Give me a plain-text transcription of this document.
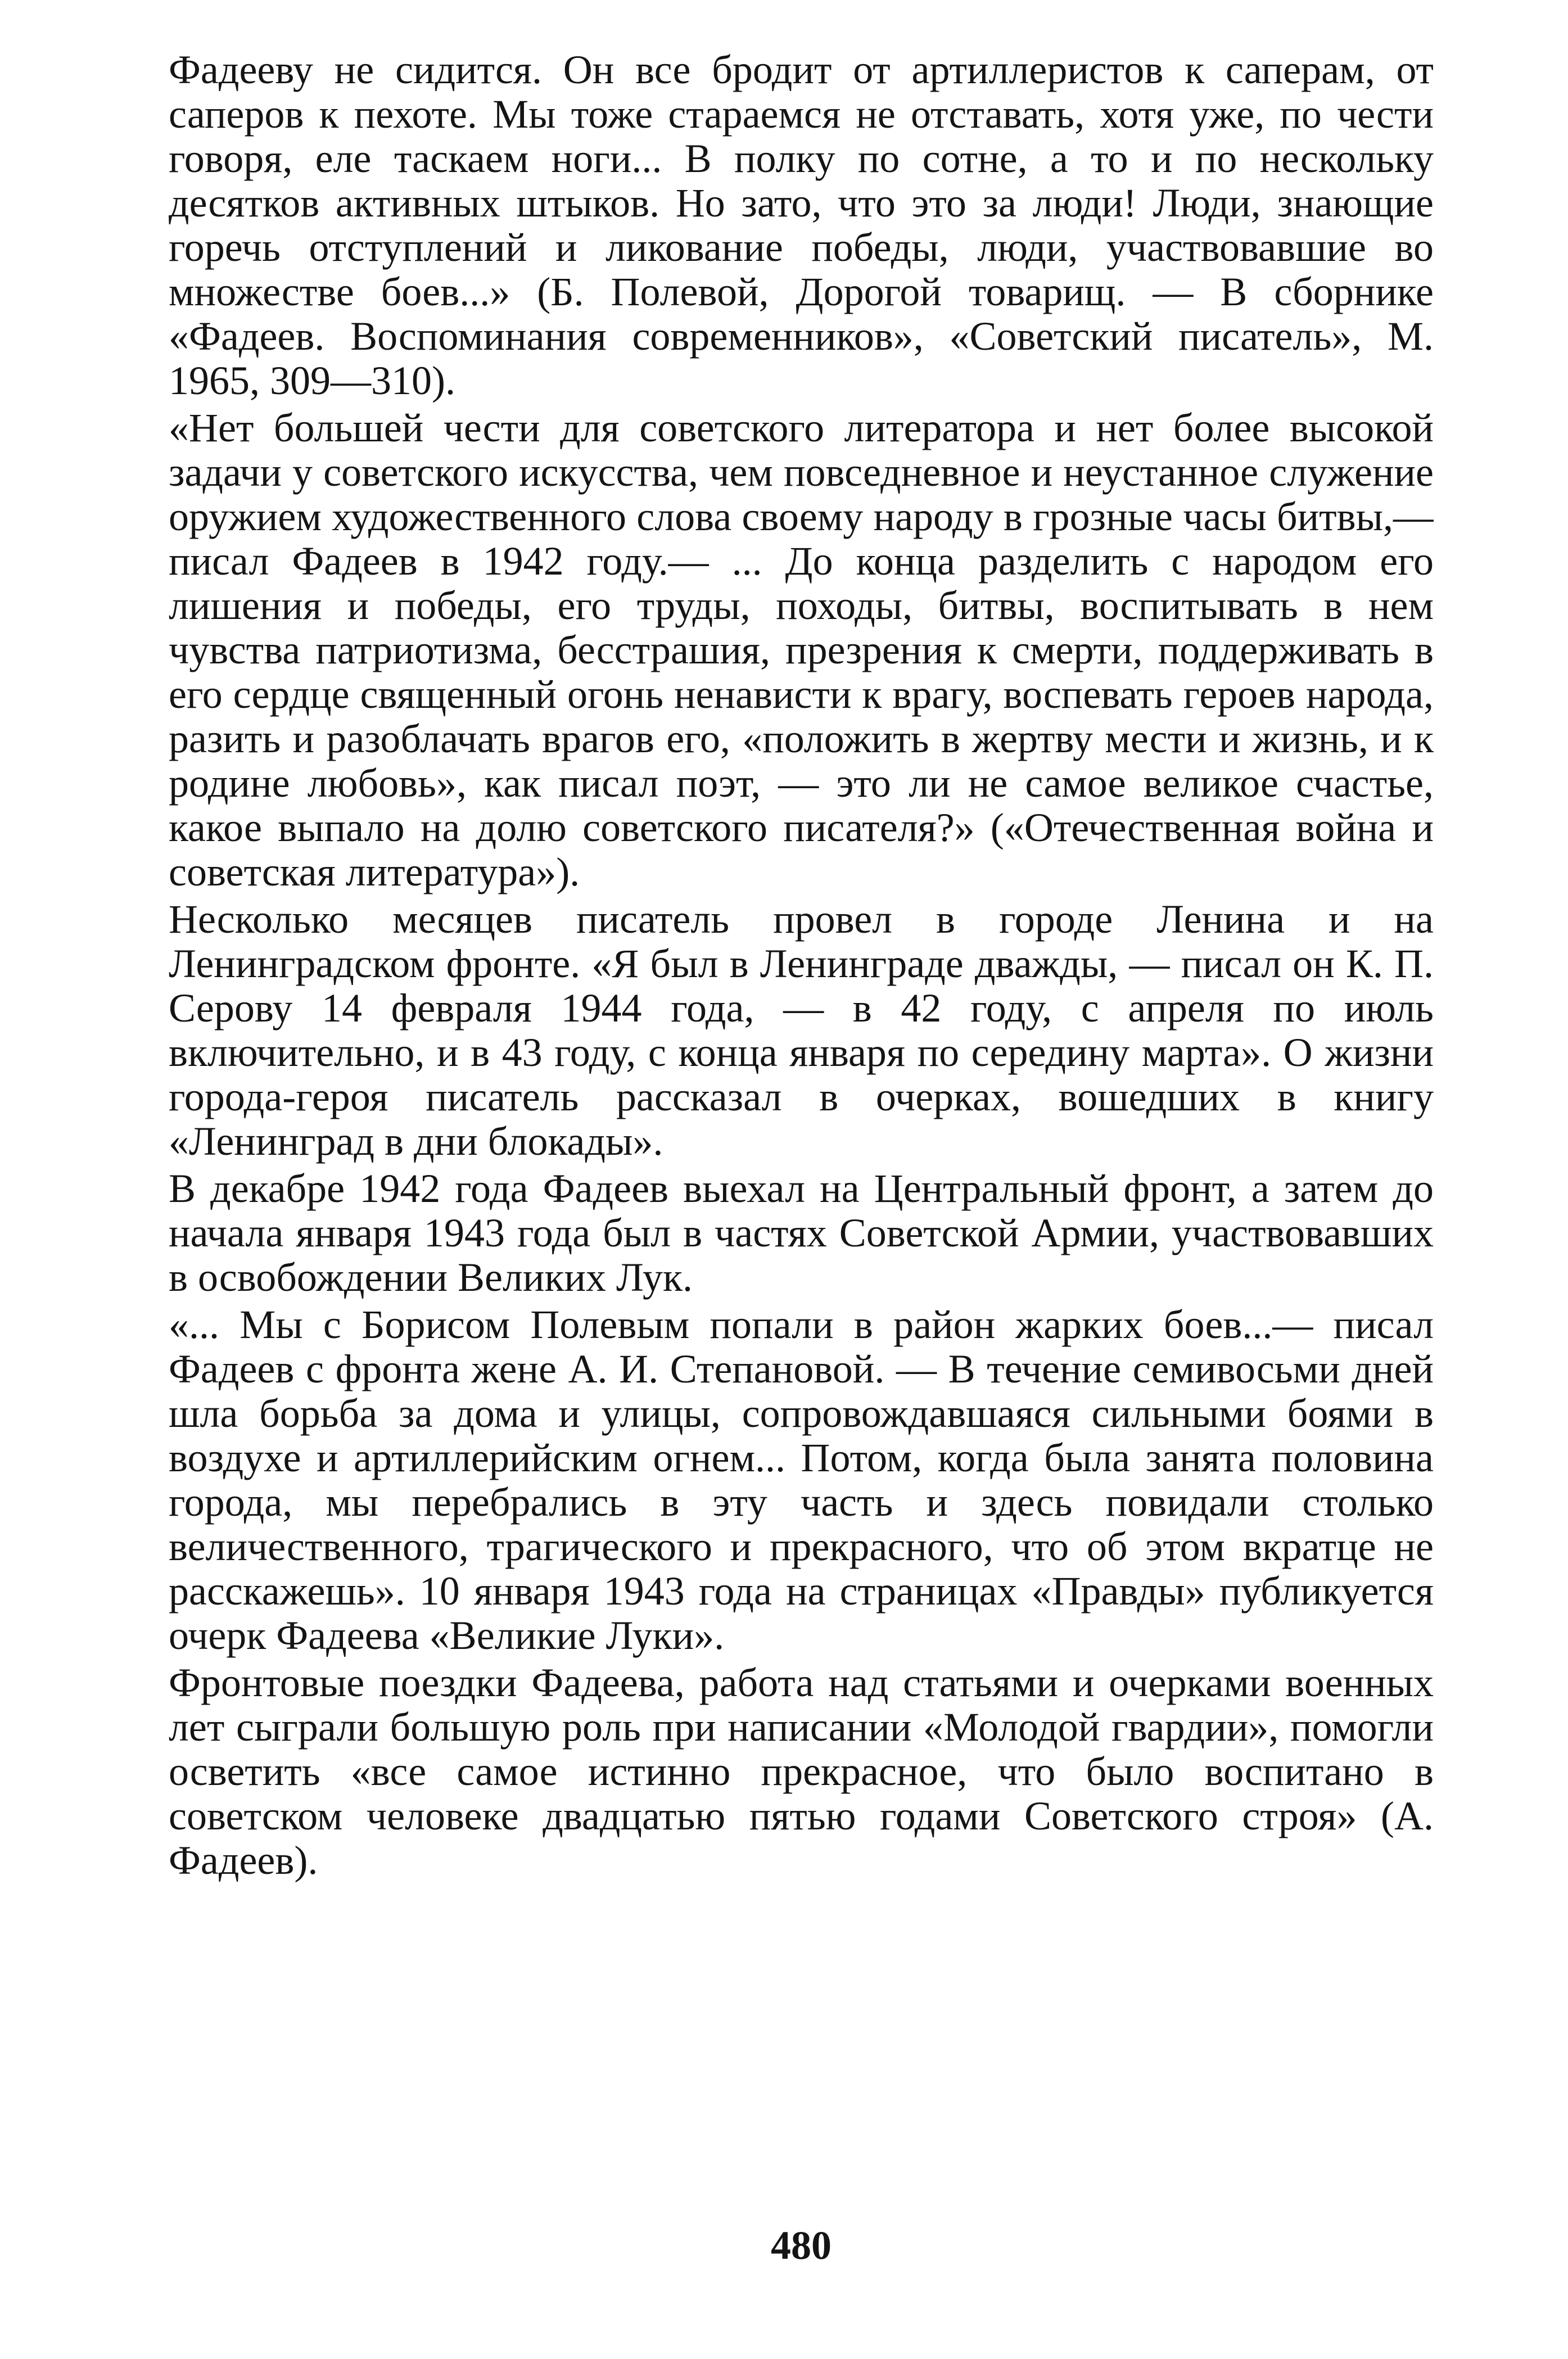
Фадееву не сидится. Он все бродит от артиллеристов к саперам, от саперов к пехоте. Мы тоже стараемся не отставать, хотя уже, по чести говоря, еле таскаем ноги... В полку по сотне, а то и по нескольку десятков активных штыков. Но зато, что это за люди! Люди, знающие горечь отступлений и ликование победы, люди, участвовавшие во множестве боев...» (Б. Полевой, Дорогой товарищ. — В сборнике «Фадеев. Воспоминания современников», «Советский писатель», М. 1965, 309—310).

«Нет большей чести для советского литератора и нет более высокой задачи у советского искусства, чем повседневное и неустанное служение оружием художественного слова своему народу в грозные часы битвы,— писал Фадеев в 1942 году.— ... До конца разделить с народом его лишения и победы, его труды, походы, битвы, воспитывать в нем чувства патриотизма, бесстрашия, презрения к смерти, поддерживать в его сердце священный огонь ненависти к врагу, воспевать героев народа, разить и разоблачать врагов его, «положить в жертву мести и жизнь, и к родине любовь», как писал поэт, — это ли не самое великое счастье, какое выпало на долю советского писателя?» («Отечественная война и советская литература»).

Несколько месяцев писатель провел в городе Ленина и на Ленинградском фронте. «Я был в Ленинграде дважды, — писал он К. П. Серову 14 февраля 1944 года, — в 42 году, с апреля по июль включительно, и в 43 году, с конца января по середину марта». О жизни города-героя писатель рассказал в очерках, вошедших в книгу «Ленинград в дни блокады».

В декабре 1942 года Фадеев выехал на Центральный фронт, а затем до начала января 1943 года был в частях Советской Армии, участвовавших в освобождении Великих Лук.

«... Мы с Борисом Полевым попали в район жарких боев...— писал Фадеев с фронта жене А. И. Степановой. — В течение семивосьми дней шла борьба за дома и улицы, сопровождавшаяся сильными боями в воздухе и артиллерийским огнем... Потом, когда была занята половина города, мы перебрались в эту часть и здесь повидали столько величественного, трагического и прекрасного, что об этом вкратце не расскажешь». 10 января 1943 года на страницах «Правды» публикуется очерк Фадеева «Великие Луки».

Фронтовые поездки Фадеева, работа над статьями и очерками военных лет сыграли большую роль при написании «Молодой гвардии», помогли осветить «все самое истинно прекрасное, что было воспитано в советском человеке двадцатью пятью годами Советского строя» (А. Фадеев).

480
